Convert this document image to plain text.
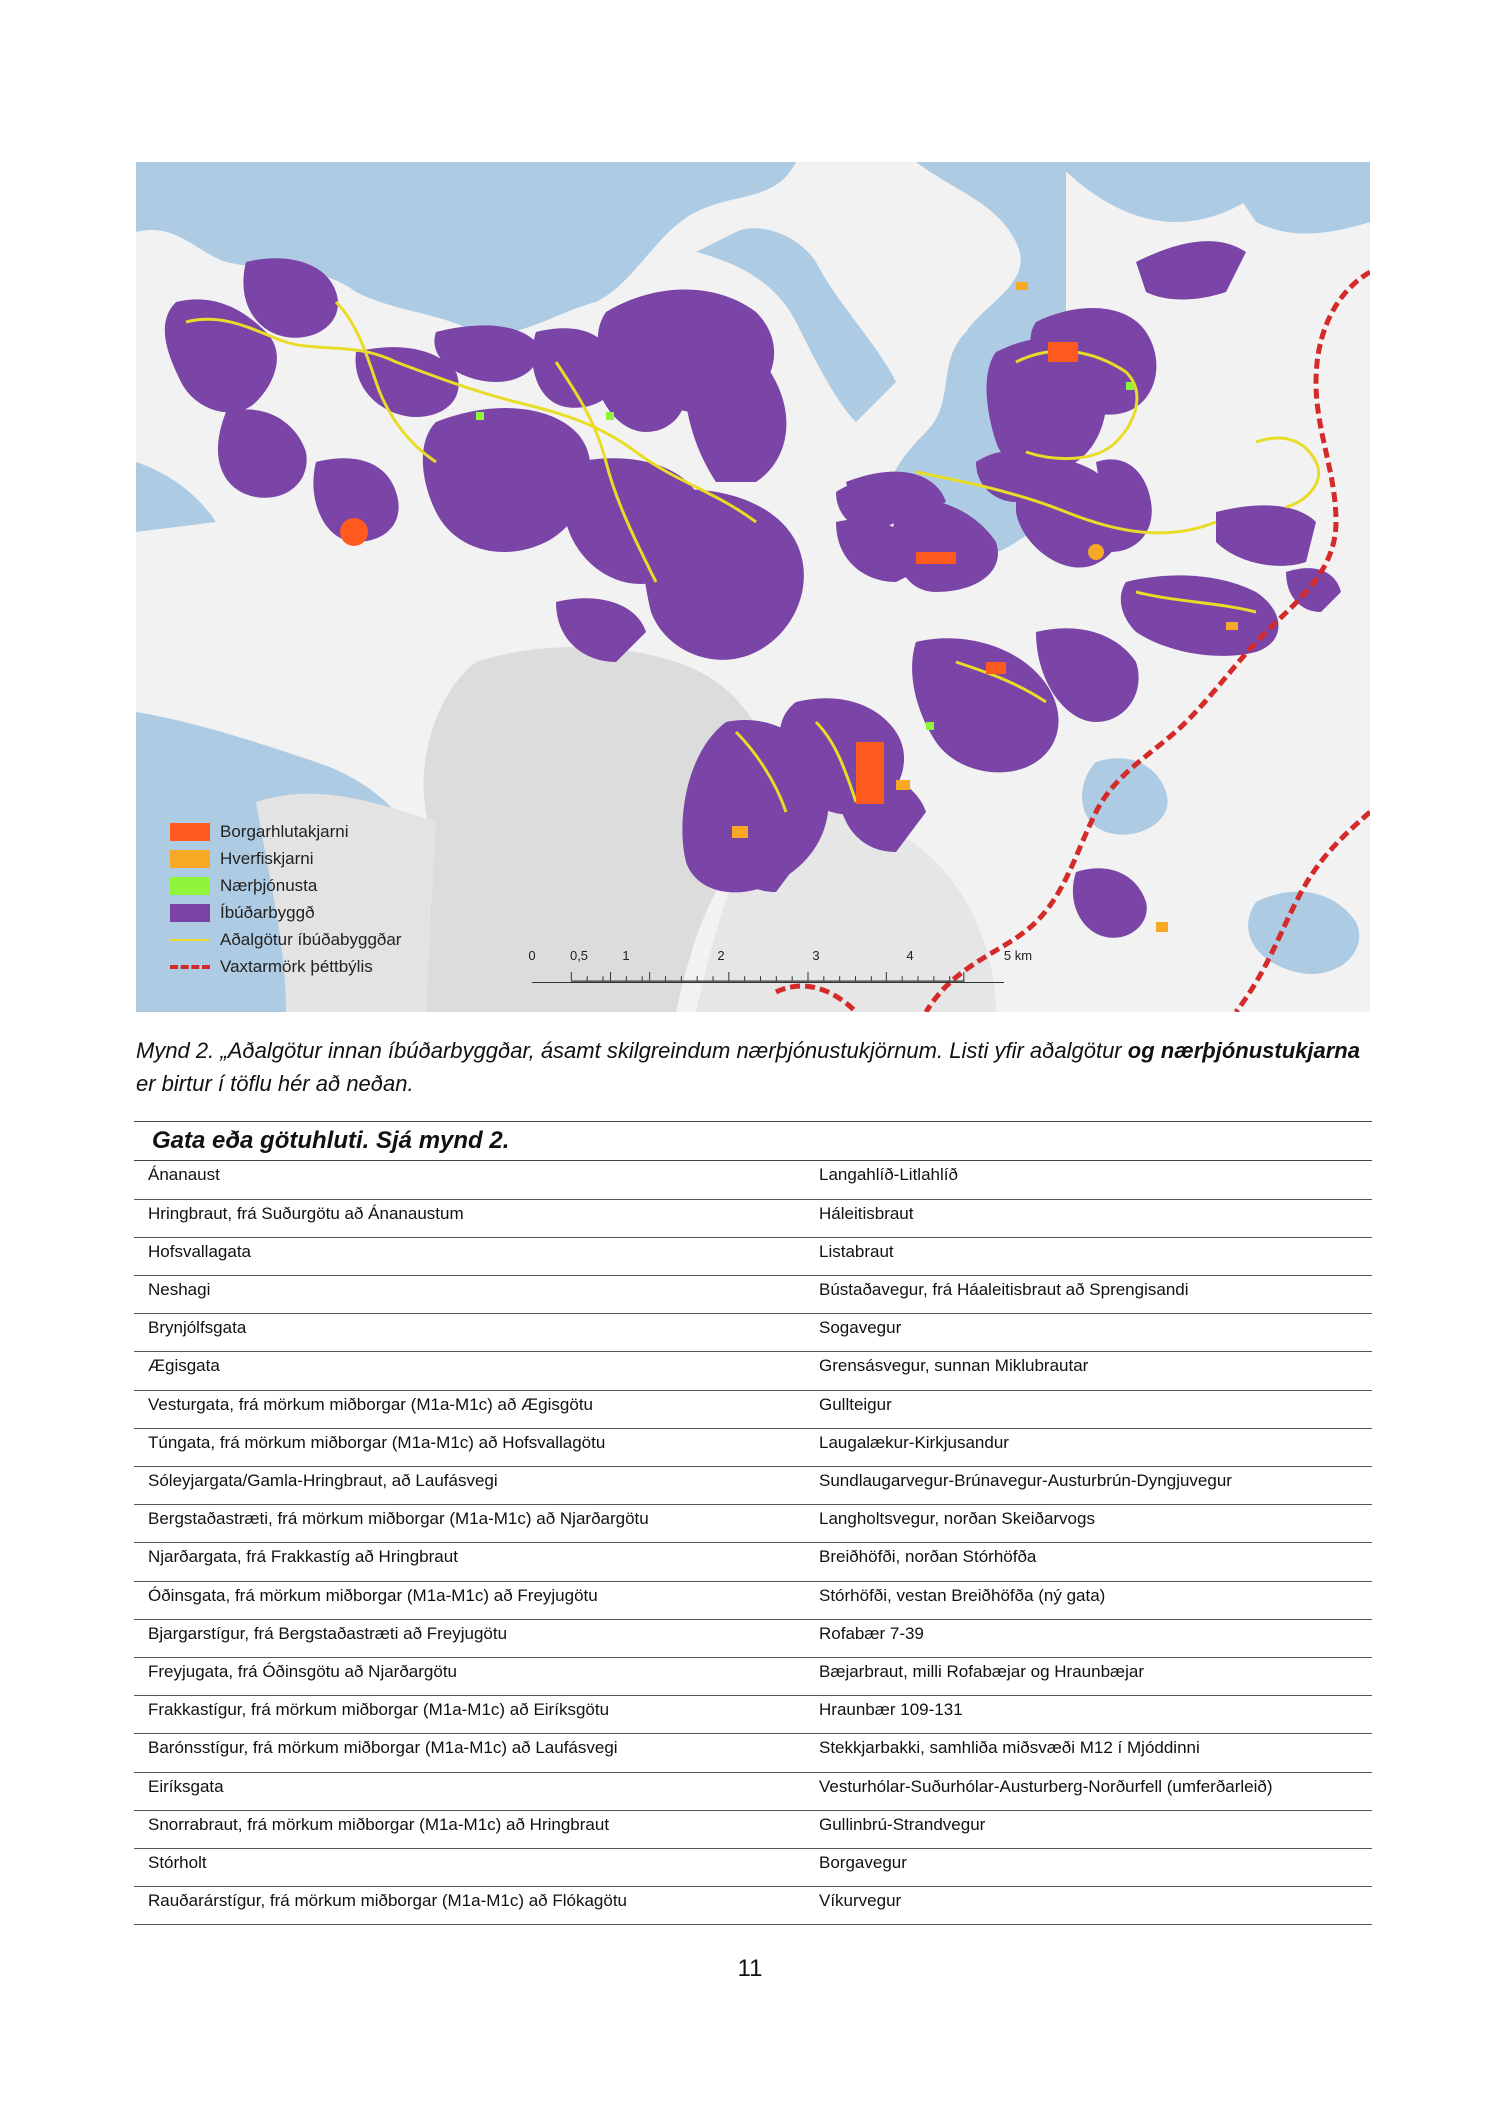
Borgarhlutakjarni
Hverfiskjarni
Nærþjónusta
Íbúðarbyggð
Aðalgötur íbúðabyggðar
Vaxtarmörk þéttbýlis
0	0,5	1	2	3	4	5 km
Mynd 2. „Aðalgötur innan íbúðarbyggðar, ásamt skilgreindum nærþjónustukjörnum. Listi yfir aðalgötur og nærþjónustukjarna er birtur í töflu hér að neðan.
Gata eða götuhluti. Sjá mynd 2.
Ánanaust	Langahlíð-Litlahlíð
Hringbraut, frá Suðurgötu að Ánanaustum	Háleitisbraut
Hofsvallagata	Listabraut
Neshagi	Bústaðavegur, frá Háaleitisbraut að Sprengisandi
Brynjólfsgata	Sogavegur
Ægisgata	Grensásvegur, sunnan Miklubrautar
Vesturgata, frá mörkum miðborgar (M1a-M1c) að Ægisgötu	Gullteigur
Túngata, frá mörkum miðborgar (M1a-M1c) að Hofsvallagötu	Laugalækur-Kirkjusandur
Sóleyjargata/Gamla-Hringbraut, að Laufásvegi	Sundlaugarvegur-Brúnavegur-Austurbrún-Dyngjuvegur
Bergstaðastræti, frá mörkum miðborgar (M1a-M1c) að Njarðargötu	Langholtsvegur, norðan Skeiðarvogs
Njarðargata, frá Frakkastíg að Hringbraut	Breiðhöfði, norðan Stórhöfða
Óðinsgata, frá mörkum miðborgar (M1a-M1c) að Freyjugötu	Stórhöfði, vestan Breiðhöfða (ný gata)
Bjargarstígur, frá Bergstaðastræti að Freyjugötu	Rofabær 7-39
Freyjugata, frá Óðinsgötu að Njarðargötu	Bæjarbraut, milli Rofabæjar og Hraunbæjar
Frakkastígur, frá mörkum miðborgar (M1a-M1c) að Eiríksgötu	Hraunbær 109-131
Barónsstígur, frá mörkum miðborgar (M1a-M1c) að Laufásvegi	Stekkjarbakki, samhliða miðsvæði M12 í Mjóddinni
Eiríksgata	Vesturhólar-Suðurhólar-Austurberg-Norðurfell (umferðarleið)
Snorrabraut, frá mörkum miðborgar (M1a-M1c) að Hringbraut	Gullinbrú-Strandvegur
Stórholt	Borgavegur
Rauðarárstígur, frá mörkum miðborgar (M1a-M1c) að Flókagötu	Víkurvegur
11
